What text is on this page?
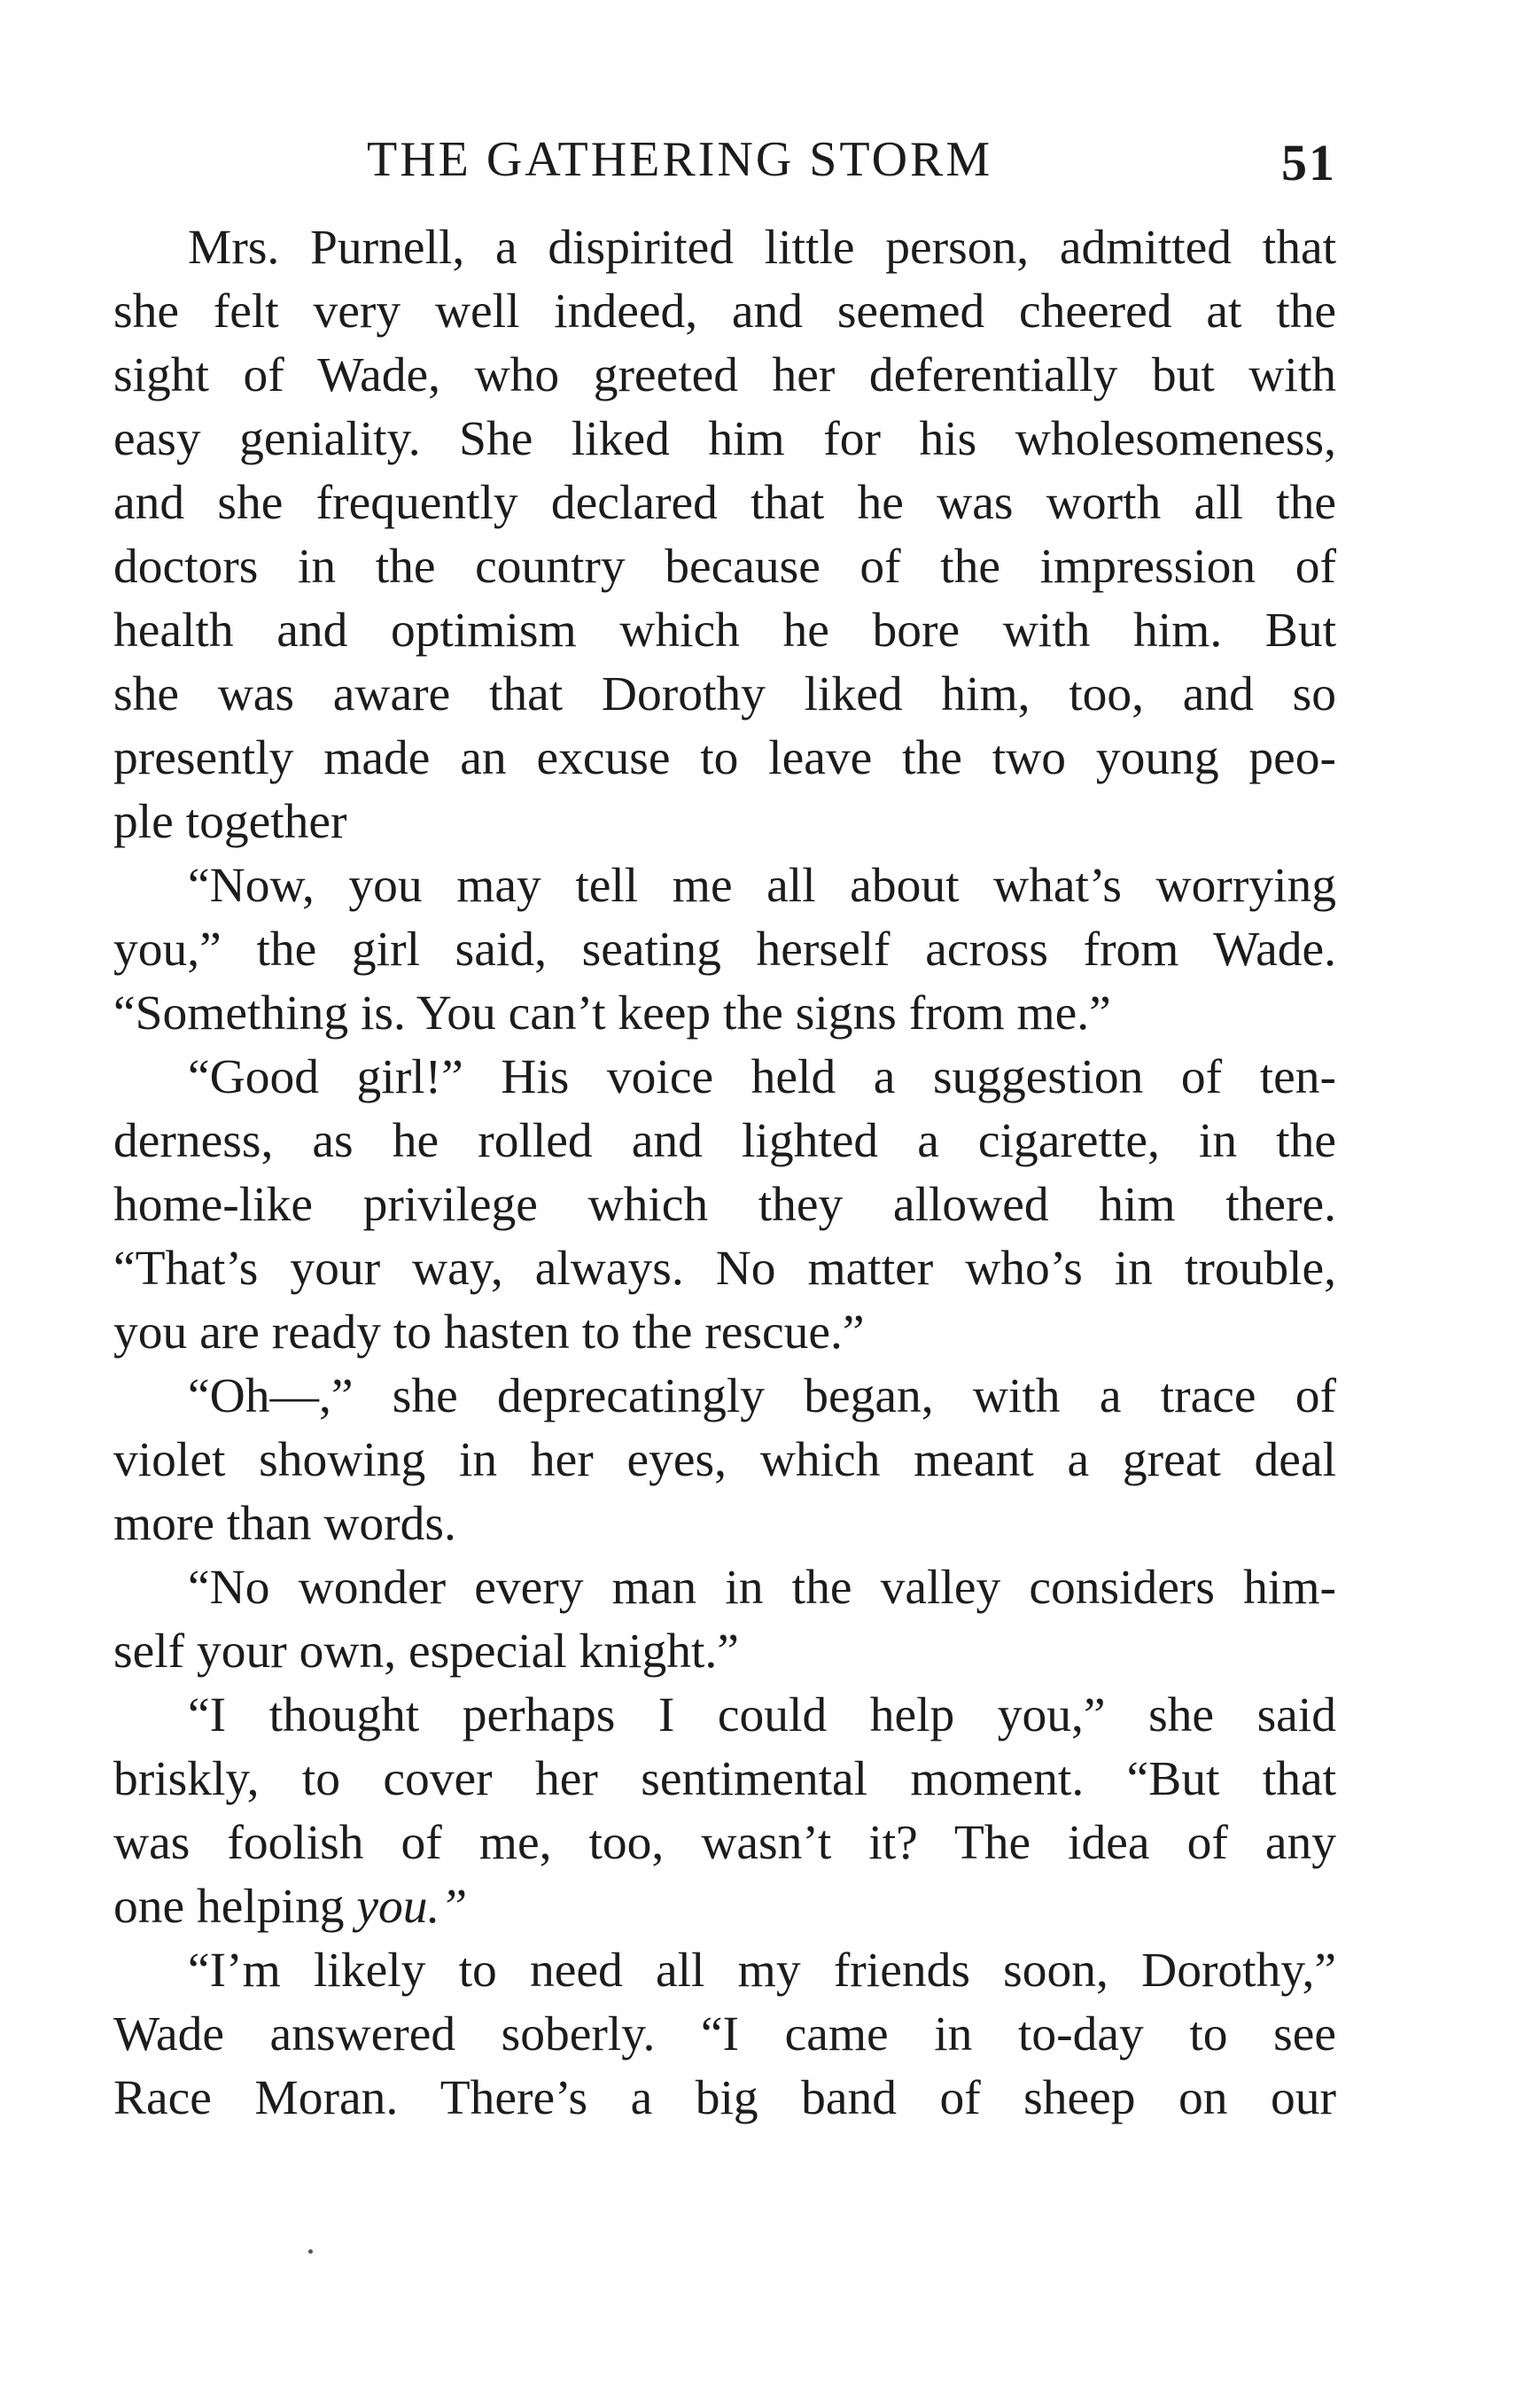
THE GATHERING STORM	51
Mrs. Purnell, a dispirited little person, admitted that
she felt very well indeed, and seemed cheered at the
sight of Wade, who greeted her deferentially but with
easy geniality. She liked him for his wholesomeness,
and she frequently declared that he was worth all the
doctors in the country because of the impression of
health and optimism which he bore with him. But
she was aware that Dorothy liked him, too, and so
presently made an excuse to leave the two young peo-
ple together
“Now, you may tell me all about what’s worrying
you,” the girl said, seating herself across from Wade.
“Something is. You can’t keep the signs from me.”
“Good girl!” His voice held a suggestion of ten-
derness, as he rolled and lighted a cigarette, in the
home-like privilege which they allowed him there.
“That’s your way, always. No matter who’s in trouble,
you are ready to hasten to the rescue.”
“Oh—,” she deprecatingly began, with a trace of
violet showing in her eyes, which meant a great deal
more than words.
“No wonder every man in the valley considers him-
self your own, especial knight.”
“I thought perhaps I could help you,” she said
briskly, to cover her sentimental moment. “But that
was foolish of me, too, wasn’t it? The idea of any
one helping you.”
“I’m likely to need all my friends soon, Dorothy,”
Wade answered soberly. “I came in to-day to see
Race Moran. There’s a big band of sheep on our
